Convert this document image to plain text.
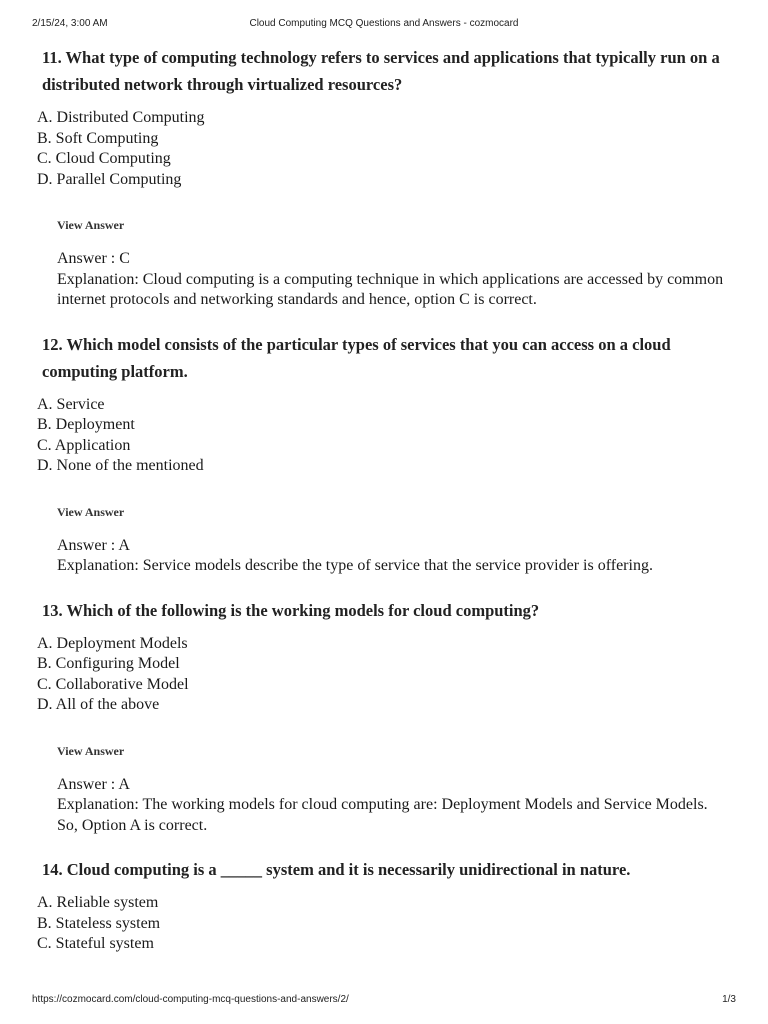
2/15/24, 3:00 AM	Cloud Computing MCQ Questions and Answers - cozmocard

11. What type of computing technology refers to services and applications that typically run on a distributed network through virtualized resources?

A. Distributed Computing
B. Soft Computing
C. Cloud Computing
D. Parallel Computing
View Answer

Answer : C

Explanation: Cloud computing is a computing technique in which applications are accessed by common internet protocols and networking standards and hence, option C is correct.

12. Which model consists of the particular types of services that you can access on a cloud computing platform.

A. Service
B. Deployment
C. Application
D. None of the mentioned
View Answer

Answer : A

Explanation: Service models describe the type of service that the service provider is offering.

13. Which of the following is the working models for cloud computing?

A. Deployment Models
B. Configuring Model
C. Collaborative Model
D. All of the above
View Answer

Answer : A

Explanation: The working models for cloud computing are: Deployment Models and Service Models. So, Option A is correct.

14. Cloud computing is a _____ system and it is necessarily unidirectional in nature.

A. Reliable system
B. Stateless system
C. Stateful system
https://cozmocard.com/cloud-computing-mcq-questions-and-answers/2/	1/3
